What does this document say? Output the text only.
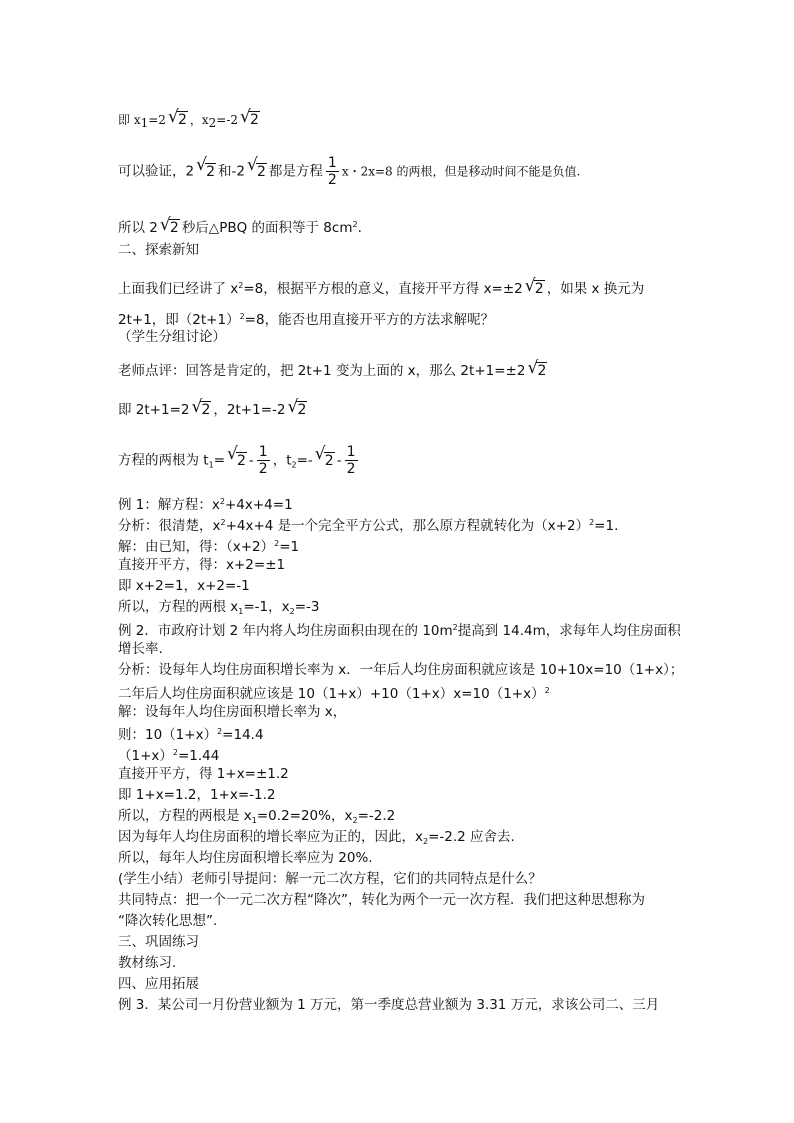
即 $x_1=2$ √ 2 ，$x_2=-2$ √ 2
可以验证，2 √ 2 和-2 √ 2 都是方程 $\frac{1}{2}$ x・2x=8 的两根，但是移动时间不能是负值.
所以 2 √ 2 秒后△PBQ 的面积等于 $8cm^2$.
二、探索新知
上面我们已经讲了 $x^2=8$，根据平方根的意义，直接开平方得 x=±2 √ 2 ，如果 x 换元为
2t+1，即$(2t+1)^2=8$，能否也用直接开平方的方法求解呢？
（学生分组讨论）
老师点评：回答是肯定的，把 2t+1 变为上面的 x，那么 2t+1=±2 √ 2
即 2t+1=2 √ 2 ，2t+1=-2 √ 2
方程的两根为 $t_1=$ √ $2 - \frac{1}{2}$ ，$t_2=-$ √ $2 - \frac{1}{2}$
例 1：解方程：$x^2+4x+4=1$
分析：很清楚，$x^2+4x+4$ 是一个完全平方公式，那么原方程就转化为$(x+2)^2=1$.
解：由已知，得：$(x+2)^2=1$
直接开平方，得：x+2=±1
即 x+2=1，x+2=-1
所以，方程的两根 $x_1=-1$，$x_2=-3$
例 2．市政府计划 2 年内将人均住房面积由现在的 $10m^2$提高到 14.4m，求每年人均住房面积
增长率.
分析：设每年人均住房面积增长率为 x．一年后人均住房面积就应该是 10+10x=10（1+x）；
二年后人均住房面积就应该是 $10(1+x)+10(1+x)x=10(1+x)^2$
解：设每年人均住房面积增长率为 x，
则：$10(1+x)^2=14.4$
$(1+x)^2=1.44$
直接开平方，得 1+x=±1.2
即 1+x=1.2，1+x=-1.2
所以，方程的两根是 $x_1=0.2=20\%$，$x_2=-2.2$
因为每年人均住房面积的增长率应为正的，因此，$x_2=-2.2$ 应舍去.
所以，每年人均住房面积增长率应为 20%.
(学生小结）老师引导提问：解一元二次方程，它们的共同特点是什么？
共同特点：把一个一元二次方程“降次”，转化为两个一元一次方程．我们把这种思想称为
“降次转化思想”.
三、巩固练习
教材练习.
四、应用拓展
例 3．某公司一月份营业额为 1 万元，第一季度总营业额为 3.31 万元，求该公司二、三月
